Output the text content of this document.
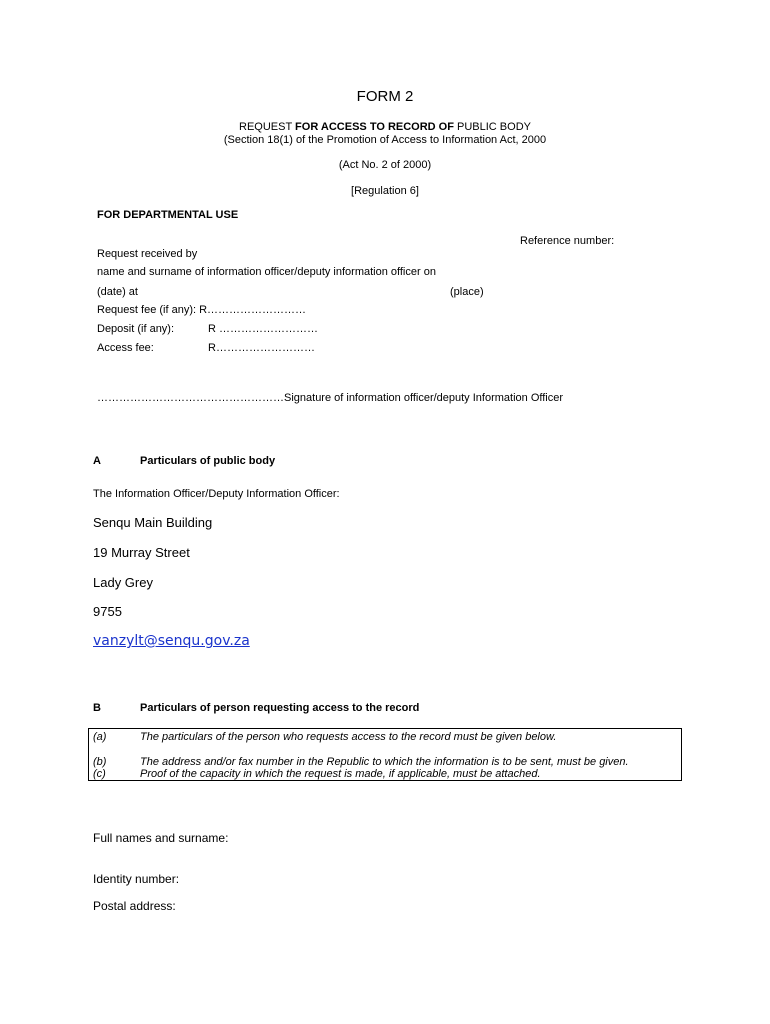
FORM 2
REQUEST FOR ACCESS TO RECORD OF PUBLIC BODY
(Section 18(1) of the Promotion of Access to Information Act, 2000
(Act No. 2 of 2000)
[Regulation 6]
FOR DEPARTMENTAL USE
Reference number:
Request received by
name and surname of information officer/deputy information officer on
(date) at	(place)
Request fee (if any): R………………………
Deposit (if any):	R ………………………
Access fee:	R………………………
……………………………………………Signature of information officer/deputy Information Officer
A	Particulars of public body
The Information Officer/Deputy Information Officer:
Senqu Main Building
19 Murray Street
Lady Grey
9755
vanzylt@senqu.gov.za
B	Particulars of person requesting access to the record
(a)	The particulars of the person who requests access to the record must be given below.
(b)	The address and/or fax number in the Republic to which the information is to be sent, must be given.
(c)	Proof of the capacity in which the request is made, if applicable, must be attached.
Full names and surname:
Identity number:
Postal address:
